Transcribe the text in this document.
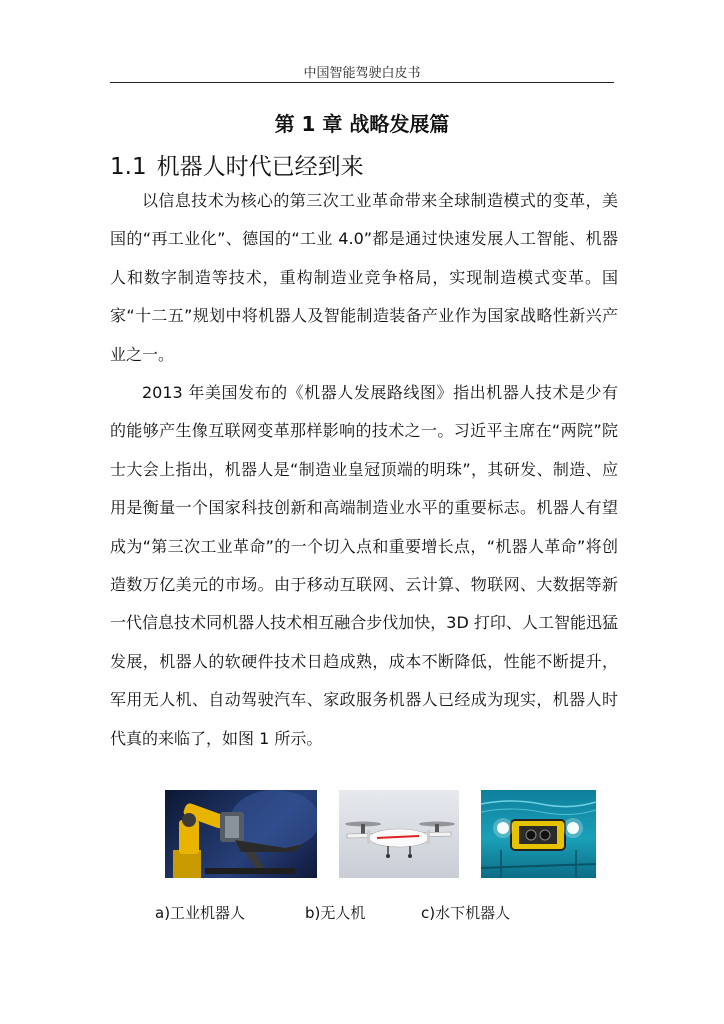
中国智能驾驶白皮书
第 1 章 战略发展篇
1.1 机器人时代已经到来

以信息技术为核心的第三次工业革命带来全球制造模式的变革，美国的“再工业化”、德国的“工业 4.0”都是通过快速发展人工智能、机器人和数字制造等技术，重构制造业竞争格局，实现制造模式变革。国家“十二五”规划中将机器人及智能制造装备产业作为国家战略性新兴产业之一。

2013 年美国发布的《机器人发展路线图》指出机器人技术是少有的能够产生像互联网变革那样影响的技术之一。习近平主席在“两院”院士大会上指出，机器人是“制造业皇冠顶端的明珠”，其研发、制造、应用是衡量一个国家科技创新和高端制造业水平的重要标志。机器人有望成为“第三次工业革命”的一个切入点和重要增长点，“机器人革命”将创造数万亿美元的市场。由于移动互联网、云计算、物联网、大数据等新一代信息技术同机器人技术相互融合步伐加快，3D 打印、人工智能迅猛发展，机器人的软硬件技术日趋成熟，成本不断降低，性能不断提升，军用无人机、自动驾驶汽车、家政服务机器人已经成为现实，机器人时代真的来临了，如图 1 所示。

a)工业机器人	b)无人机	c)水下机器人
